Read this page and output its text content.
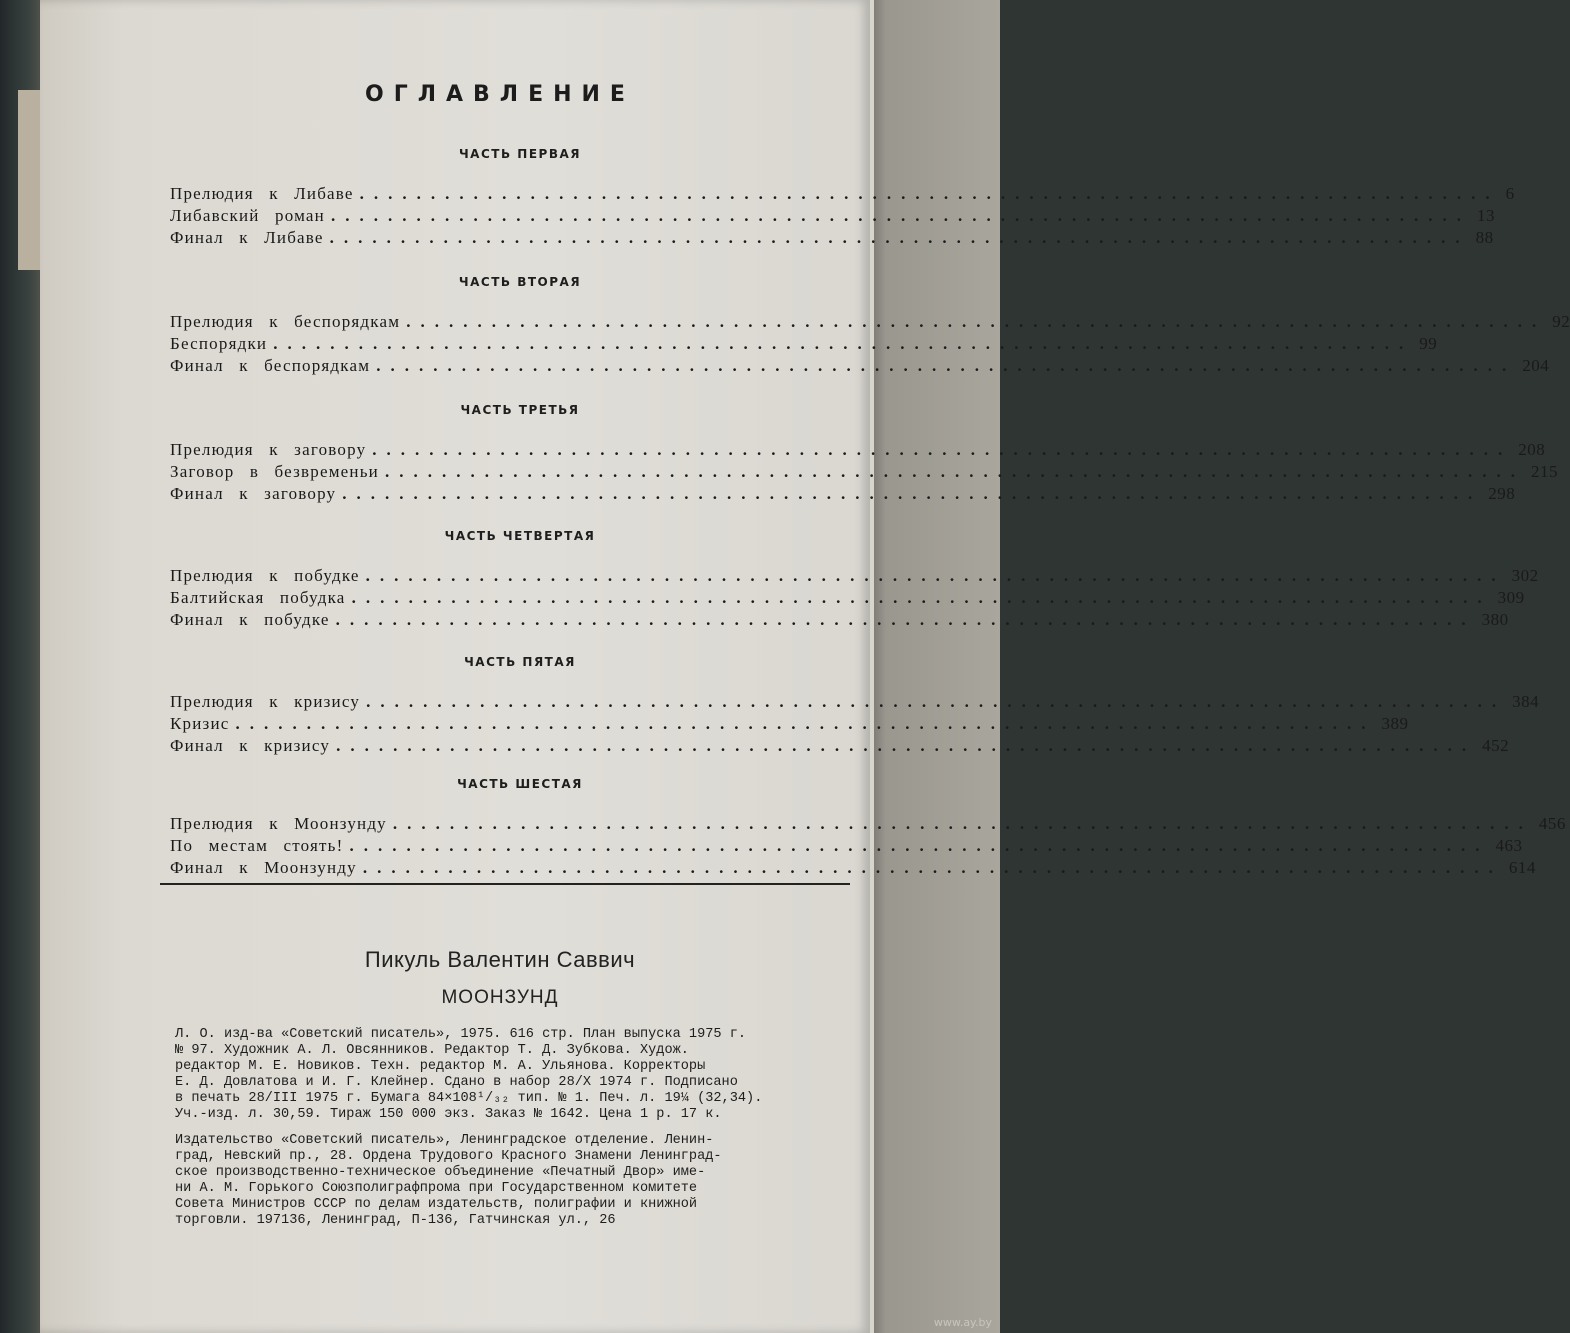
ОГЛАВЛЕНИЕ
ЧАСТЬ ПЕРВАЯ
Прелюдия к Либаве ................................................................................ 6
Либавский роман ................................................................................ 13
Финал к Либаве ................................................................................ 88
ЧАСТЬ ВТОРАЯ
Прелюдия к беспорядкам ................................................................................ 92
Беспорядки ................................................................................ 99
Финал к беспорядкам ................................................................................ 204
ЧАСТЬ ТРЕТЬЯ
Прелюдия к заговору ................................................................................ 208
Заговор в безвременьи ................................................................................ 215
Финал к заговору ................................................................................ 298
ЧАСТЬ ЧЕТВЕРТАЯ
Прелюдия к побудке ................................................................................ 302
Балтийская побудка ................................................................................ 309
Финал к побудке ................................................................................ 380
ЧАСТЬ ПЯТАЯ
Прелюдия к кризису ................................................................................ 384
Кризис ................................................................................ 389
Финал к кризису ................................................................................ 452
ЧАСТЬ ШЕСТАЯ
Прелюдия к Моонзунду ................................................................................ 456
По местам стоять! ................................................................................ 463
Финал к Моонзунду ................................................................................ 614
Пикуль Валентин Саввич
МООНЗУНД
Л. О. изд-ва «Советский писатель», 1975. 616 стр. План выпуска 1975 г.
№ 97. Художник А. Л. Овсянников. Редактор Т. Д. Зубкова. Худож.
редактор М. Е. Новиков. Техн. редактор М. А. Ульянова. Корректоры
Е. Д. Довлатова и И. Г. Клейнер. Сдано в набор 28/Х 1974 г. Подписано
в печать 28/III 1975 г. Бумага 84×108¹/₃₂ тип. № 1. Печ. л. 19¼ (32,34).
Уч.-изд. л. 30,59. Тираж 150 000 экз. Заказ № 1642. Цена 1 р. 17 к.
Издательство «Советский писатель», Ленинградское отделение. Ленин-
град, Невский пр., 28. Ордена Трудового Красного Знамени Ленинград-
ское производственно-техническое объединение «Печатный Двор» име-
ни А. М. Горького Союзполиграфпрома при Государственном комитете
Совета Министров СССР по делам издательств, полиграфии и книжной
торговли. 197136, Ленинград, П-136, Гатчинская ул., 26
www.ay.by
